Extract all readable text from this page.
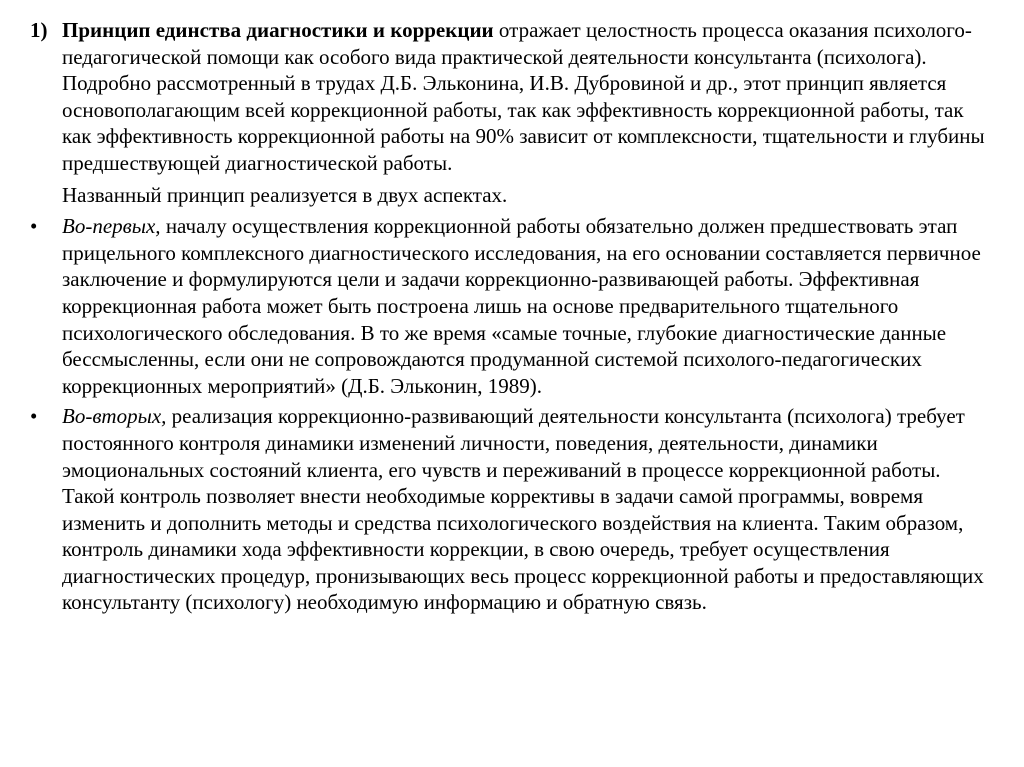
1) Принцип единства диагностики и коррекции отражает целостность процесса оказания психолого-педагогической помощи как особого вида практической деятельности консультанта (психолога). Подробно рассмотренный в трудах Д.Б. Эльконина, И.В. Дубровиной и др., этот принцип является основополагающим всей коррекционной работы, так как эффективность коррекционной работы, так как эффективность коррекционной работы на 90% зависит от комплексности, тщательности и глубины предшествующей диагностической работы.

Названный принцип реализуется в двух аспектах.

• Во-первых, началу осуществления коррекционной работы обязательно должен предшествовать этап прицельного комплексного диагностического исследования, на его основании составляется первичное заключение и формулируются цели и задачи коррекционно-развивающей работы. Эффективная коррекционная работа может быть построена лишь на основе предварительного тщательного психологического обследования. В то же время «самые точные, глубокие диагностические данные бессмысленны, если они не сопровождаются продуманной системой психолого-педагогических коррекционных мероприятий» (Д.Б. Эльконин, 1989).

• Во-вторых, реализация коррекционно-развивающий деятельности консультанта (психолога) требует постоянного контроля динамики изменений личности, поведения, деятельности, динамики эмоциональных состояний клиента, его чувств и переживаний в процессе коррекционной работы. Такой контроль позволяет внести необходимые коррективы в задачи самой программы, вовремя изменить и дополнить методы и средства психологического воздействия на клиента. Таким образом, контроль динамики хода эффективности коррекции, в свою очередь, требует осуществления диагностических процедур, пронизывающих весь процесс коррекционной работы и предоставляющих консультанту (психологу) необходимую информацию и обратную связь.
